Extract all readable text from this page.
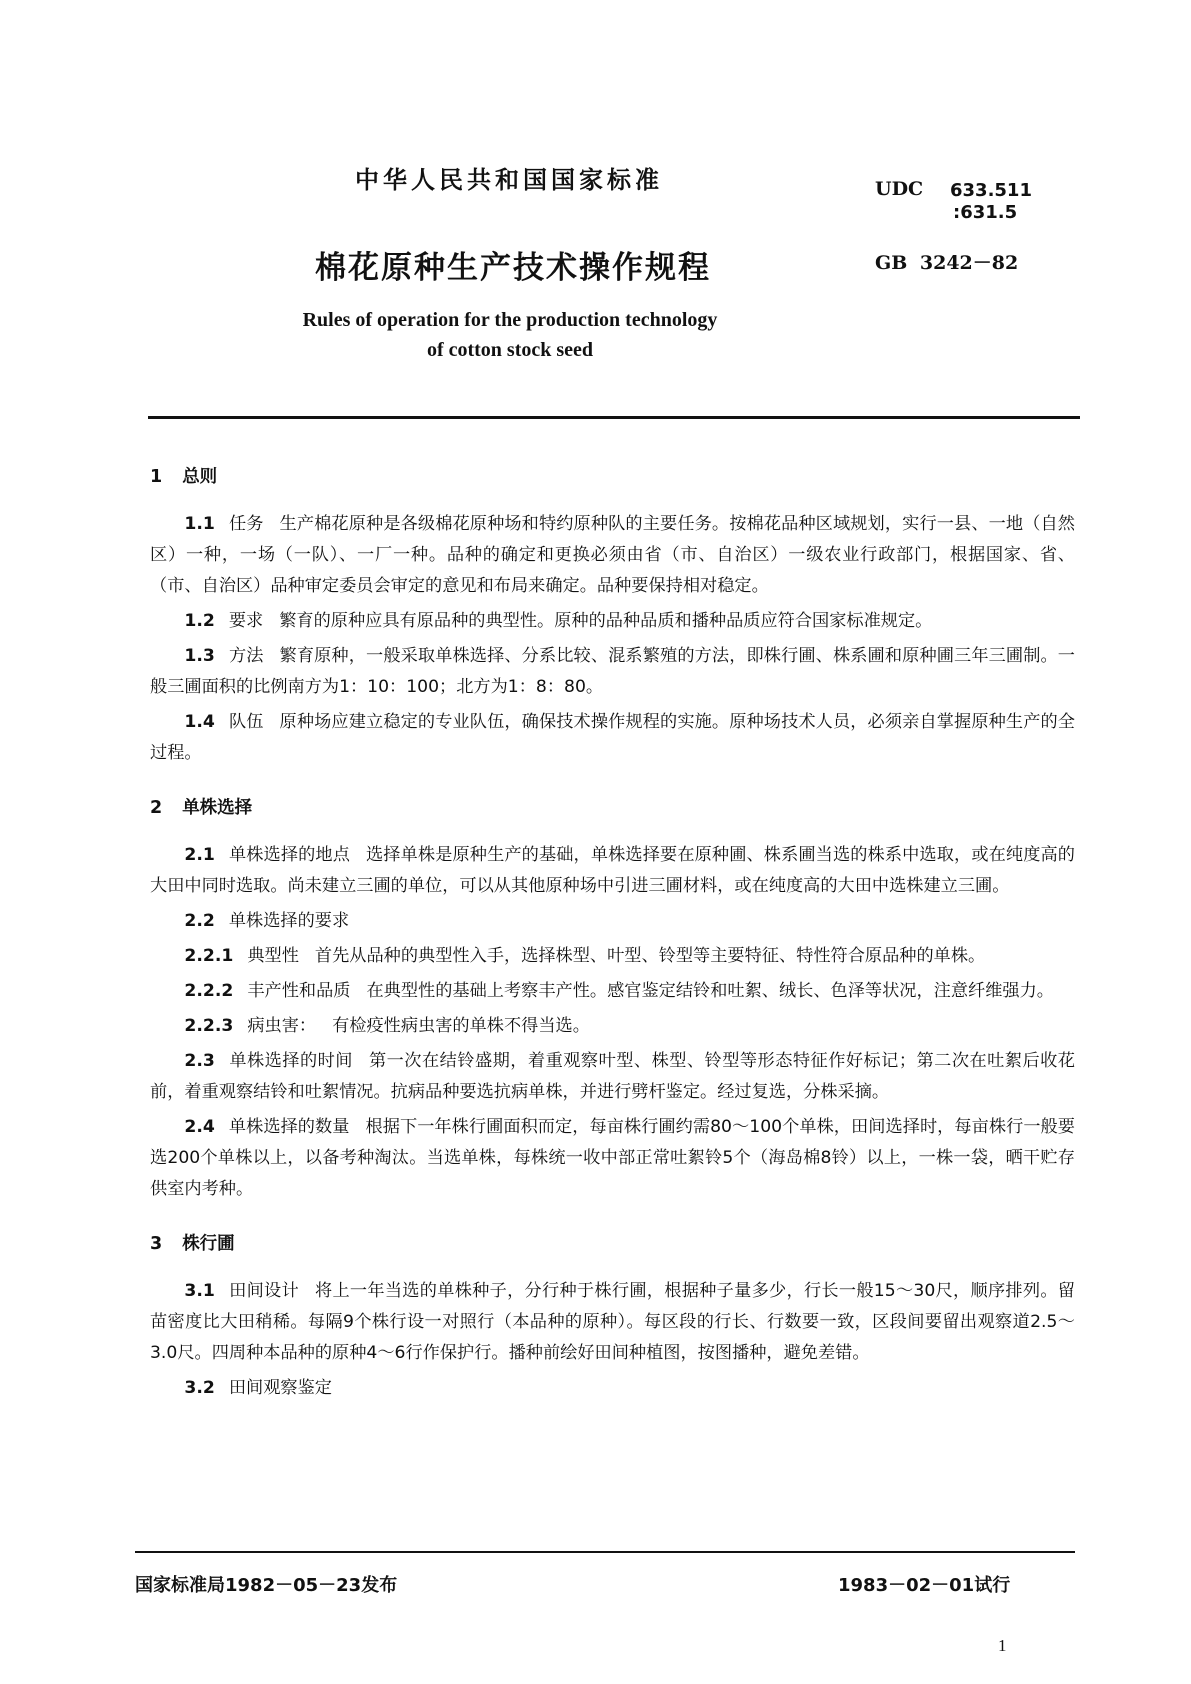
中华人民共和国国家标准	UDC 633.511
:631.5
棉花原种生产技术操作规程	GB 3242－82
Rules of operation for the production technology
of cotton stock seed
1 总则

1.1 任务 生产棉花原种是各级棉花原种场和特约原种队的主要任务。按棉花品种区域规划，实行一县、一地（自然区）一种，一场（一队）、一厂一种。品种的确定和更换必须由省（市、自治区）一级农业行政部门，根据国家、省、（市、自治区）品种审定委员会审定的意见和布局来确定。品种要保持相对稳定。

1.2 要求 繁育的原种应具有原品种的典型性。原种的品种品质和播种品质应符合国家标准规定。

1.3 方法 繁育原种，一般采取单株选择、分系比较、混系繁殖的方法，即株行圃、株系圃和原种圃三年三圃制。一般三圃面积的比例南方为1：10：100；北方为1：8：80。

1.4 队伍 原种场应建立稳定的专业队伍，确保技术操作规程的实施。原种场技术人员，必须亲自掌握原种生产的全过程。

2 单株选择

2.1 单株选择的地点 选择单株是原种生产的基础，单株选择要在原种圃、株系圃当选的株系中选取，或在纯度高的大田中同时选取。尚未建立三圃的单位，可以从其他原种场中引进三圃材料，或在纯度高的大田中选株建立三圃。

2.2 单株选择的要求

2.2.1 典型性 首先从品种的典型性入手，选择株型、叶型、铃型等主要特征、特性符合原品种的单株。

2.2.2 丰产性和品质 在典型性的基础上考察丰产性。感官鉴定结铃和吐絮、绒长、色泽等状况，注意纤维强力。

2.2.3 病虫害： 有检疫性病虫害的单株不得当选。

2.3 单株选择的时间 第一次在结铃盛期，着重观察叶型、株型、铃型等形态特征作好标记；第二次在吐絮后收花前，着重观察结铃和吐絮情况。抗病品种要选抗病单株，并进行劈杆鉴定。经过复选，分株采摘。

2.4 单株选择的数量 根据下一年株行圃面积而定，每亩株行圃约需80～100个单株，田间选择时，每亩株行一般要选200个单株以上，以备考种淘汰。当选单株，每株统一收中部正常吐絮铃5个（海岛棉8铃）以上，一株一袋，晒干贮存供室内考种。

3 株行圃

3.1 田间设计 将上一年当选的单株种子，分行种于株行圃，根据种子量多少，行长一般15～30尺，顺序排列。留苗密度比大田稍稀。每隔9个株行设一对照行（本品种的原种）。每区段的行长、行数要一致，区段间要留出观察道2.5～3.0尺。四周种本品种的原种4～6行作保护行。播种前绘好田间种植图，按图播种，避免差错。

3.2 田间观察鉴定

国家标准局1982－05－23发布	1983－02－01试行
1
